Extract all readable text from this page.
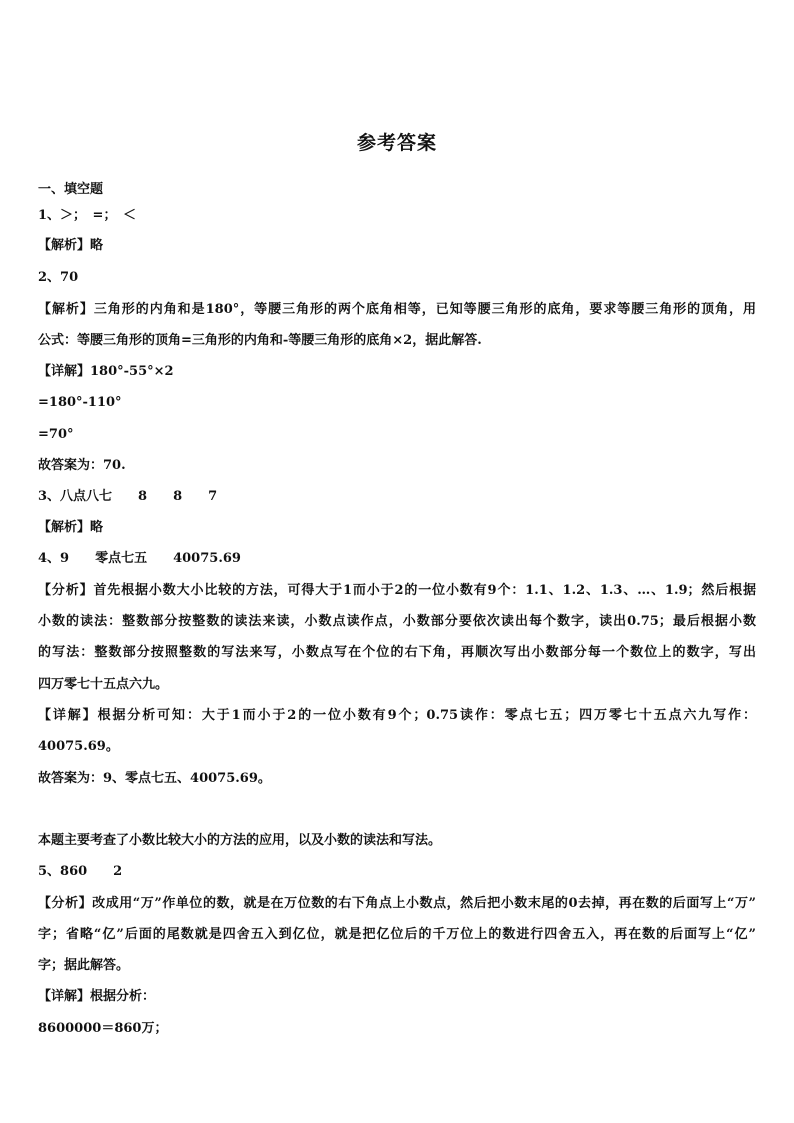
参考答案

一、填空题

1、＞；　=；　＜

【解析】略

2、70

【解析】三角形的内角和是180°，等腰三角形的两个底角相等，已知等腰三角形的底角，要求等腰三角形的顶角，用

公式：等腰三角形的顶角=三角形的内角和-等腰三角形的底角×2，据此解答.

【详解】180°-55°×2

=180°-110°

=70°

故答案为：70.

3、八点八七　　8　　8　　7

【解析】略

4、9　　零点七五　　40075.69

【分析】首先根据小数大小比较的方法，可得大于1而小于2的一位小数有9个：1.1、1.2、1.3、…、1.9；然后根据

小数的读法：整数部分按整数的读法来读，小数点读作点，小数部分要依次读出每个数字，读出0.75；最后根据小数

的写法：整数部分按照整数的写法来写，小数点写在个位的右下角，再顺次写出小数部分每一个数位上的数字，写出

四万零七十五点六九。

【详解】根据分析可知：大于1而小于2的一位小数有9个；0.75读作：零点七五；四万零七十五点六九写作：

40075.69。

故答案为：9、零点七五、40075.69。

本题主要考查了小数比较大小的方法的应用，以及小数的读法和写法。

5、860　　2

【分析】改成用“万”作单位的数，就是在万位数的右下角点上小数点，然后把小数末尾的0去掉，再在数的后面写上“万”

字；省略“亿”后面的尾数就是四舍五入到亿位，就是把亿位后的千万位上的数进行四舍五入，再在数的后面写上“亿”

字；据此解答。

【详解】根据分析：

8600000＝860万；
